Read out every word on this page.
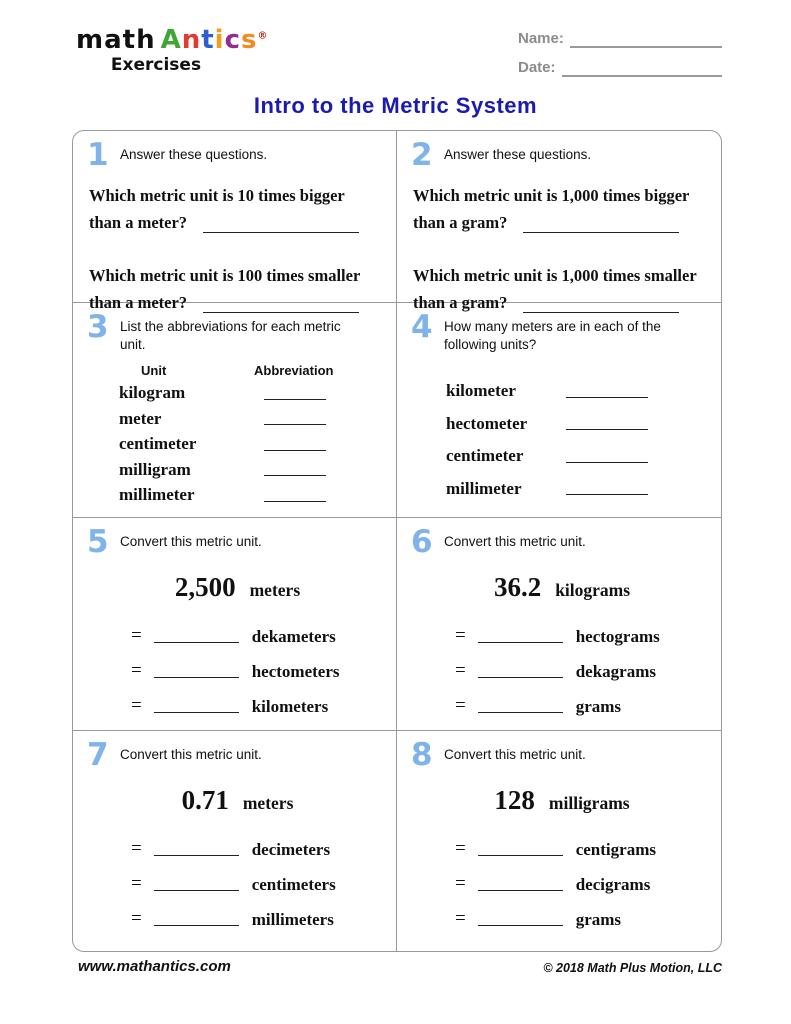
math Antics®
Exercises
Name:
Date:
Intro to the Metric System
1 Answer these questions.
Which metric unit is 10 times bigger
than a meter?
Which metric unit is 100 times smaller
than a meter?
2 Answer these questions.
Which metric unit is 1,000 times bigger
than a gram?
Which metric unit is 1,000 times smaller
than a gram?
3 List the abbreviations for each metric unit.
Unit	Abbreviation
kilogram
meter
centimeter
milligram
millimeter
4 How many meters are in each of the following units?
kilometer
hectometer
centimeter
millimeter
5 Convert this metric unit.
2,500 meters
=	dekameters
=	hectometers
=	kilometers
6 Convert this metric unit.
36.2 kilograms
=	hectograms
=	dekagrams
=	grams
7 Convert this metric unit.
0.71 meters
=	decimeters
=	centimeters
=	millimeters
8 Convert this metric unit.
128 milligrams
=	centigrams
=	decigrams
=	grams
www.mathantics.com	© 2018 Math Plus Motion, LLC
